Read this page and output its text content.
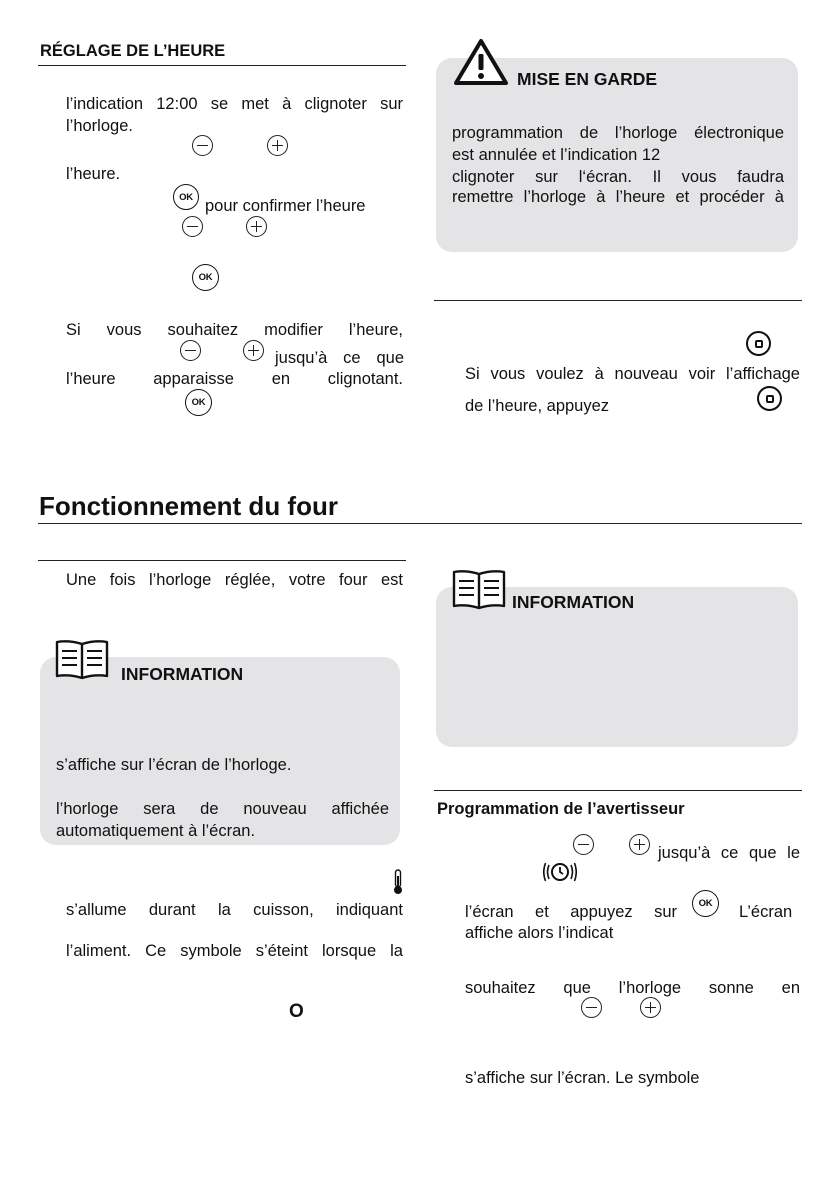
RÉGLAGE DE L’HEURE
l’indication 12:00 se met à clignoter sur
l’horloge.
l’heure.
OK pour confirmer l’heure
OK
Si vous souhaitez modifier l’heure,
jusqu’à ce que
l’heure apparaisse en clignotant.
OK
MISE EN GARDE
programmation de l’horloge électronique
est annulée et l’indication 12
clignoter sur l‘écran. Il vous faudra
remettre l’horloge à l’heure et procéder à
Si vous voulez à nouveau voir l’affichage
de l’heure, appuyez
Fonctionnement du four
Une fois l’horloge réglée, votre four est
INFORMATION
s’affiche sur l’écran de l’horloge.
l’horloge sera de nouveau affichée
automatiquement à l’écran.
s’allume durant la cuisson, indiquant
l’aliment. Ce symbole s’éteint lorsque la
O
INFORMATION
Programmation de l’avertisseur
jusqu’à ce que le
l’écran et appuyez sur	OK	L’écran
affiche alors l’indicat
souhaitez que l’horloge sonne en
s’affiche sur l’écran. Le symbole
